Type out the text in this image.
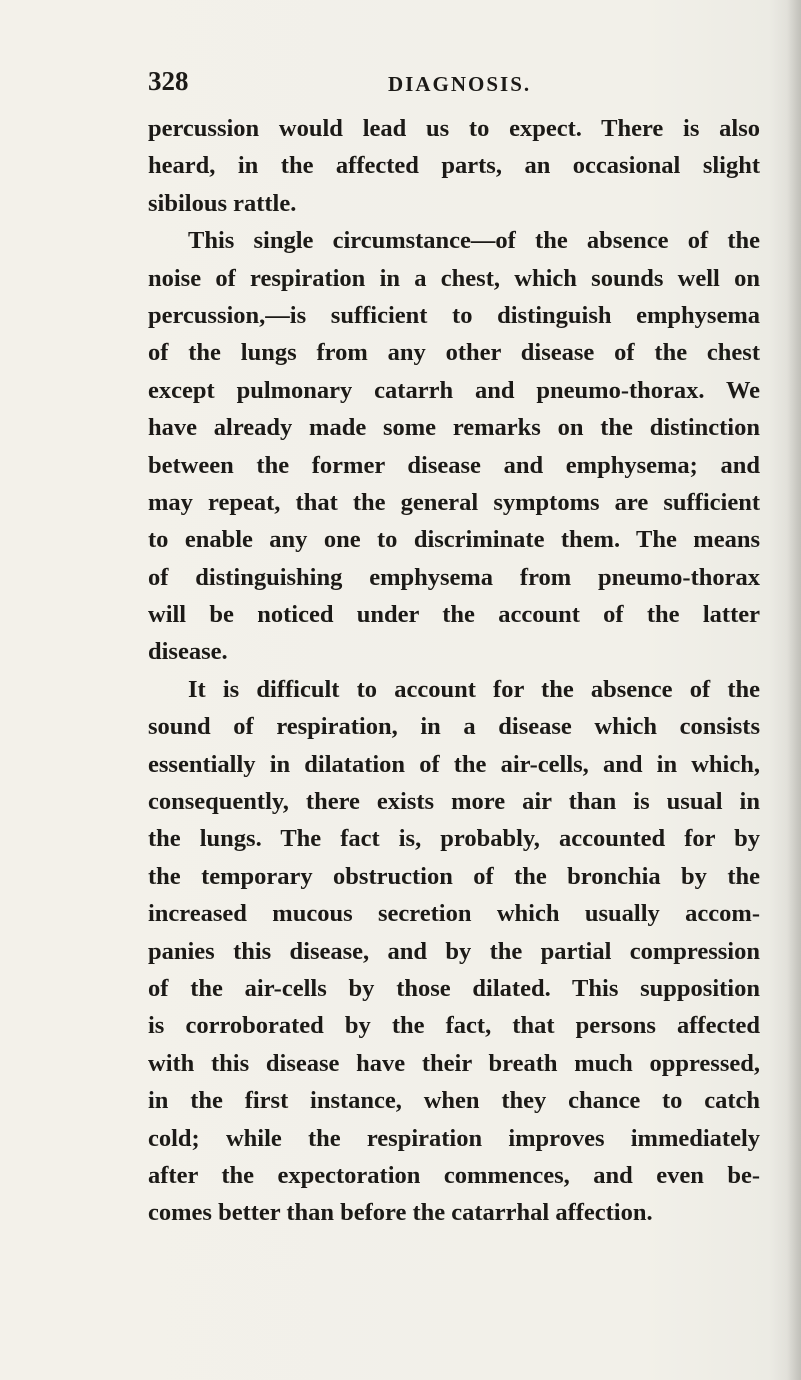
328	DIAGNOSIS.
percussion would lead us to expect. There is also
heard, in the affected parts, an occasional slight
sibilous rattle.
This single circumstance—of the absence of the
noise of respiration in a chest, which sounds well on
percussion,—is sufficient to distinguish emphysema
of the lungs from any other disease of the chest
except pulmonary catarrh and pneumo-thorax. We
have already made some remarks on the distinction
between the former disease and emphysema; and
may repeat, that the general symptoms are sufficient
to enable any one to discriminate them. The means
of distinguishing emphysema from pneumo-thorax
will be noticed under the account of the latter
disease.
It is difficult to account for the absence of the
sound of respiration, in a disease which consists
essentially in dilatation of the air-cells, and in which,
consequently, there exists more air than is usual in
the lungs. The fact is, probably, accounted for by
the temporary obstruction of the bronchia by the
increased mucous secretion which usually accom-
panies this disease, and by the partial compression
of the air-cells by those dilated. This supposition
is corroborated by the fact, that persons affected
with this disease have their breath much oppressed,
in the first instance, when they chance to catch
cold; while the respiration improves immediately
after the expectoration commences, and even be-
comes better than before the catarrhal affection.
